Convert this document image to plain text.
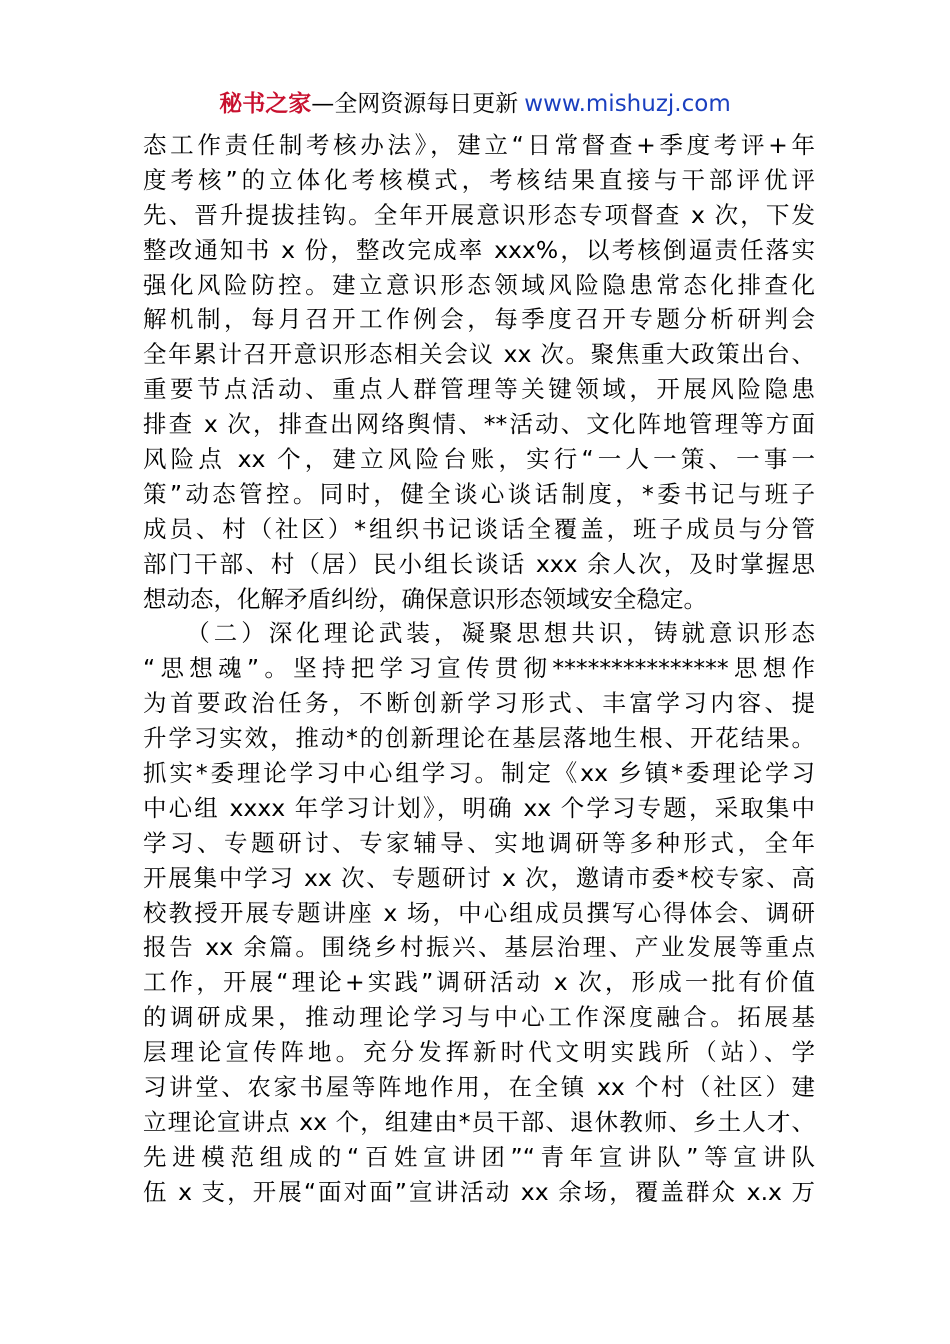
秘书之家—全网资源每日更新 www.mishuzj.com
态工作责任制考核办法》，建立“日常督查+季度考评+年
度考核”的立体化考核模式，考核结果直接与干部评优评
先、晋升提拔挂钩。全年开展意识形态专项督查 x 次，下发
整改通知书 x 份，整改完成率 xxx%，以考核倒逼责任落实
强化风险防控。建立意识形态领域风险隐患常态化排查化
解机制，每月召开工作例会，每季度召开专题分析研判会
全年累计召开意识形态相关会议 xx 次。聚焦重大政策出台、
重要节点活动、重点人群管理等关键领域，开展风险隐患
排查 x 次，排查出网络舆情、**活动、文化阵地管理等方面
风险点 xx 个，建立风险台账，实行“一人一策、一事一
策”动态管控。同时，健全谈心谈话制度，*委书记与班子
成员、村（社区）*组织书记谈话全覆盖，班子成员与分管
部门干部、村（居）民小组长谈话 xxx 余人次，及时掌握思
想动态，化解矛盾纠纷，确保意识形态领域安全稳定。
　　（二）深化理论武装，凝聚思想共识，铸就意识形态
“思想魂”。坚持把学习宣传贯彻***************思想作
为首要政治任务，不断创新学习形式、丰富学习内容、提
升学习实效，推动*的创新理论在基层落地生根、开花结果。
抓实*委理论学习中心组学习。制定《xx 乡镇*委理论学习
中心组 xxxx 年学习计划》，明确 xx 个学习专题，采取集中
学习、专题研讨、专家辅导、实地调研等多种形式，全年
开展集中学习 xx 次、专题研讨 x 次，邀请市委*校专家、高
校教授开展专题讲座 x 场，中心组成员撰写心得体会、调研
报告 xx 余篇。围绕乡村振兴、基层治理、产业发展等重点
工作，开展“理论+实践”调研活动 x 次，形成一批有价值
的调研成果，推动理论学习与中心工作深度融合。拓展基
层理论宣传阵地。充分发挥新时代文明实践所（站）、学
习讲堂、农家书屋等阵地作用，在全镇 xx 个村（社区）建
立理论宣讲点 xx 个，组建由*员干部、退休教师、乡土人才、
先进模范组成的“百姓宣讲团”“青年宣讲队”等宣讲队
伍 x 支，开展“面对面”宣讲活动 xx 余场，覆盖群众 x.x 万
